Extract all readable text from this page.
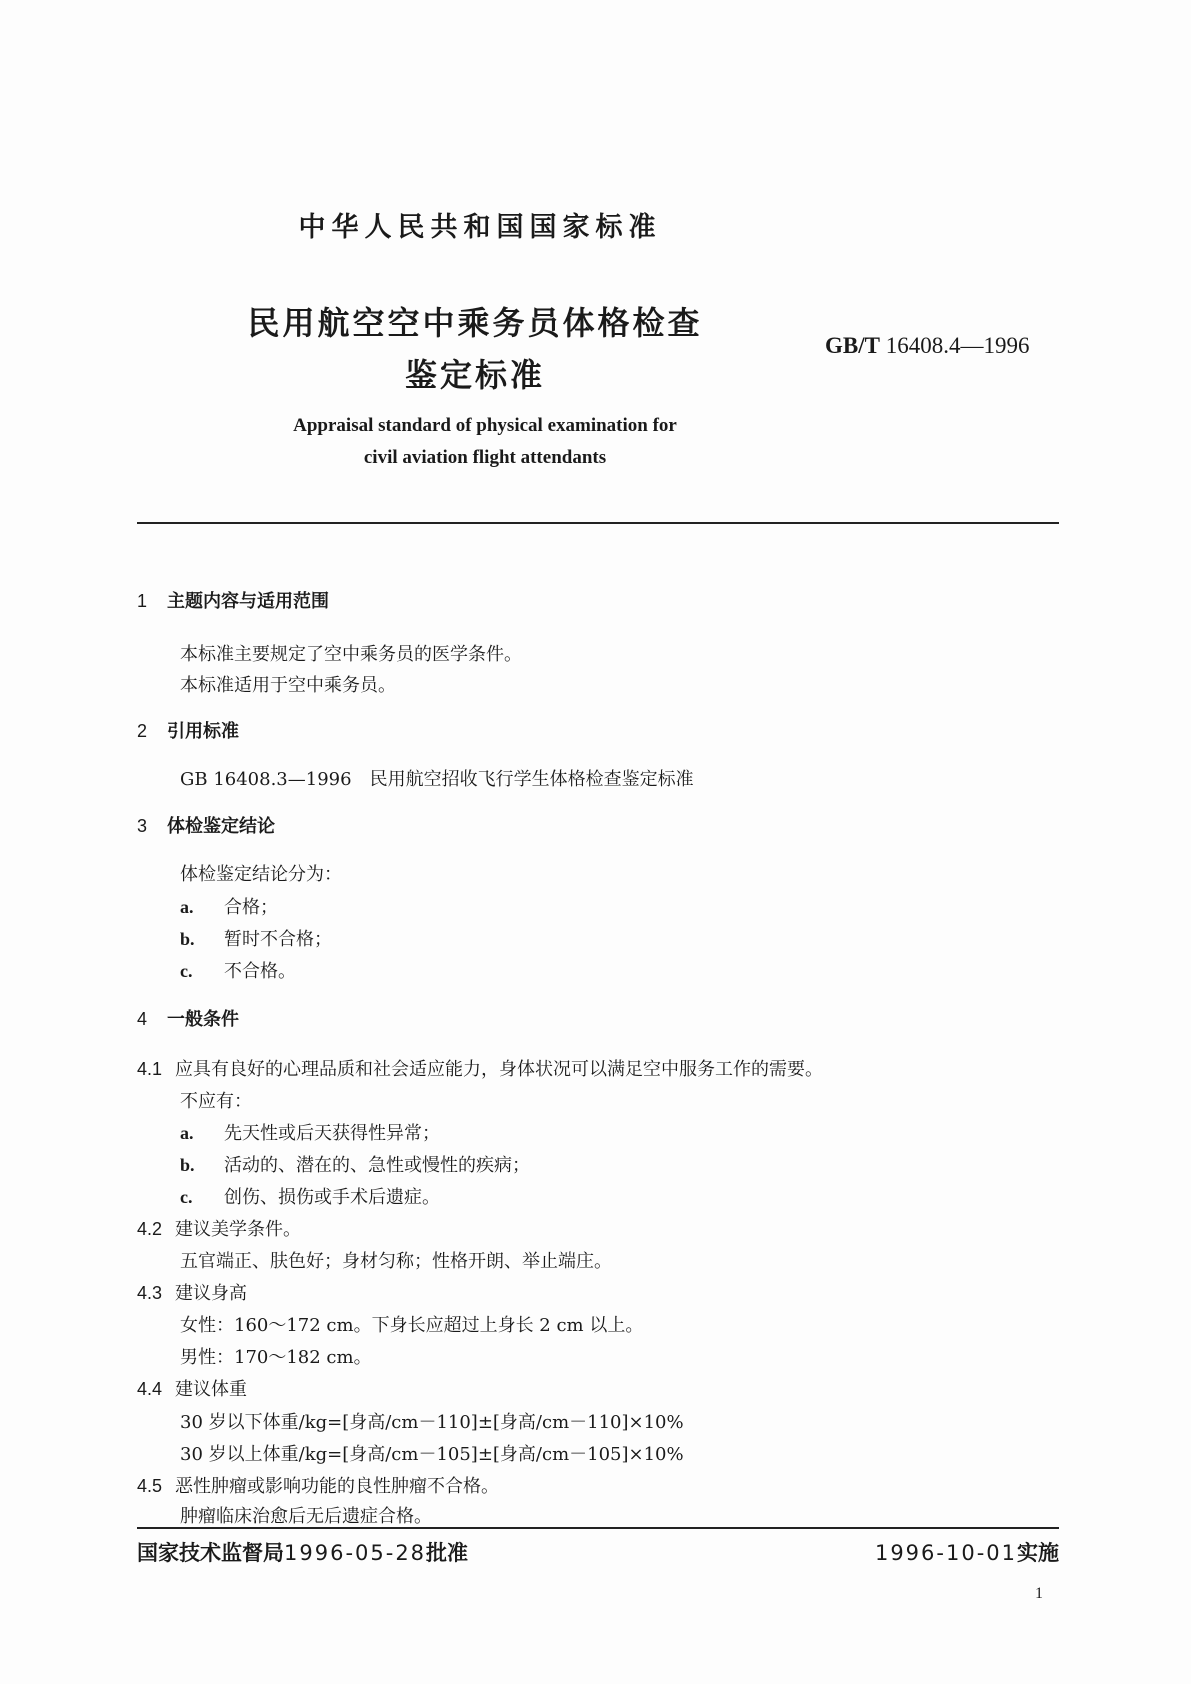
中华人民共和国国家标准
民用航空空中乘务员体格检查
鉴定标准
GB/T 16408.4—1996
Appraisal standard of physical examination for
civil aviation flight attendants
1 主题内容与适用范围
本标准主要规定了空中乘务员的医学条件。
本标准适用于空中乘务员。
2 引用标准
GB 16408.3—1996　民用航空招收飞行学生体格检查鉴定标准
3 体检鉴定结论
体检鉴定结论分为：
a. 合格；
b. 暂时不合格；
c. 不合格。
4 一般条件
4.1 应具有良好的心理品质和社会适应能力，身体状况可以满足空中服务工作的需要。
不应有：
a. 先天性或后天获得性异常；
b. 活动的、潜在的、急性或慢性的疾病；
c. 创伤、损伤或手术后遗症。
4.2 建议美学条件。
五官端正、肤色好；身材匀称；性格开朗、举止端庄。
4.3 建议身高
女性：160～172 cm。下身长应超过上身长 2 cm 以上。
男性：170～182 cm。
4.4 建议体重
30 岁以下体重/kg=[身高/cm－110]±[身高/cm－110]×10%
30 岁以上体重/kg=[身高/cm－105]±[身高/cm－105]×10%
4.5 恶性肿瘤或影响功能的良性肿瘤不合格。
肿瘤临床治愈后无后遗症合格。
国家技术监督局1996-05-28批准	1996-10-01实施
1
